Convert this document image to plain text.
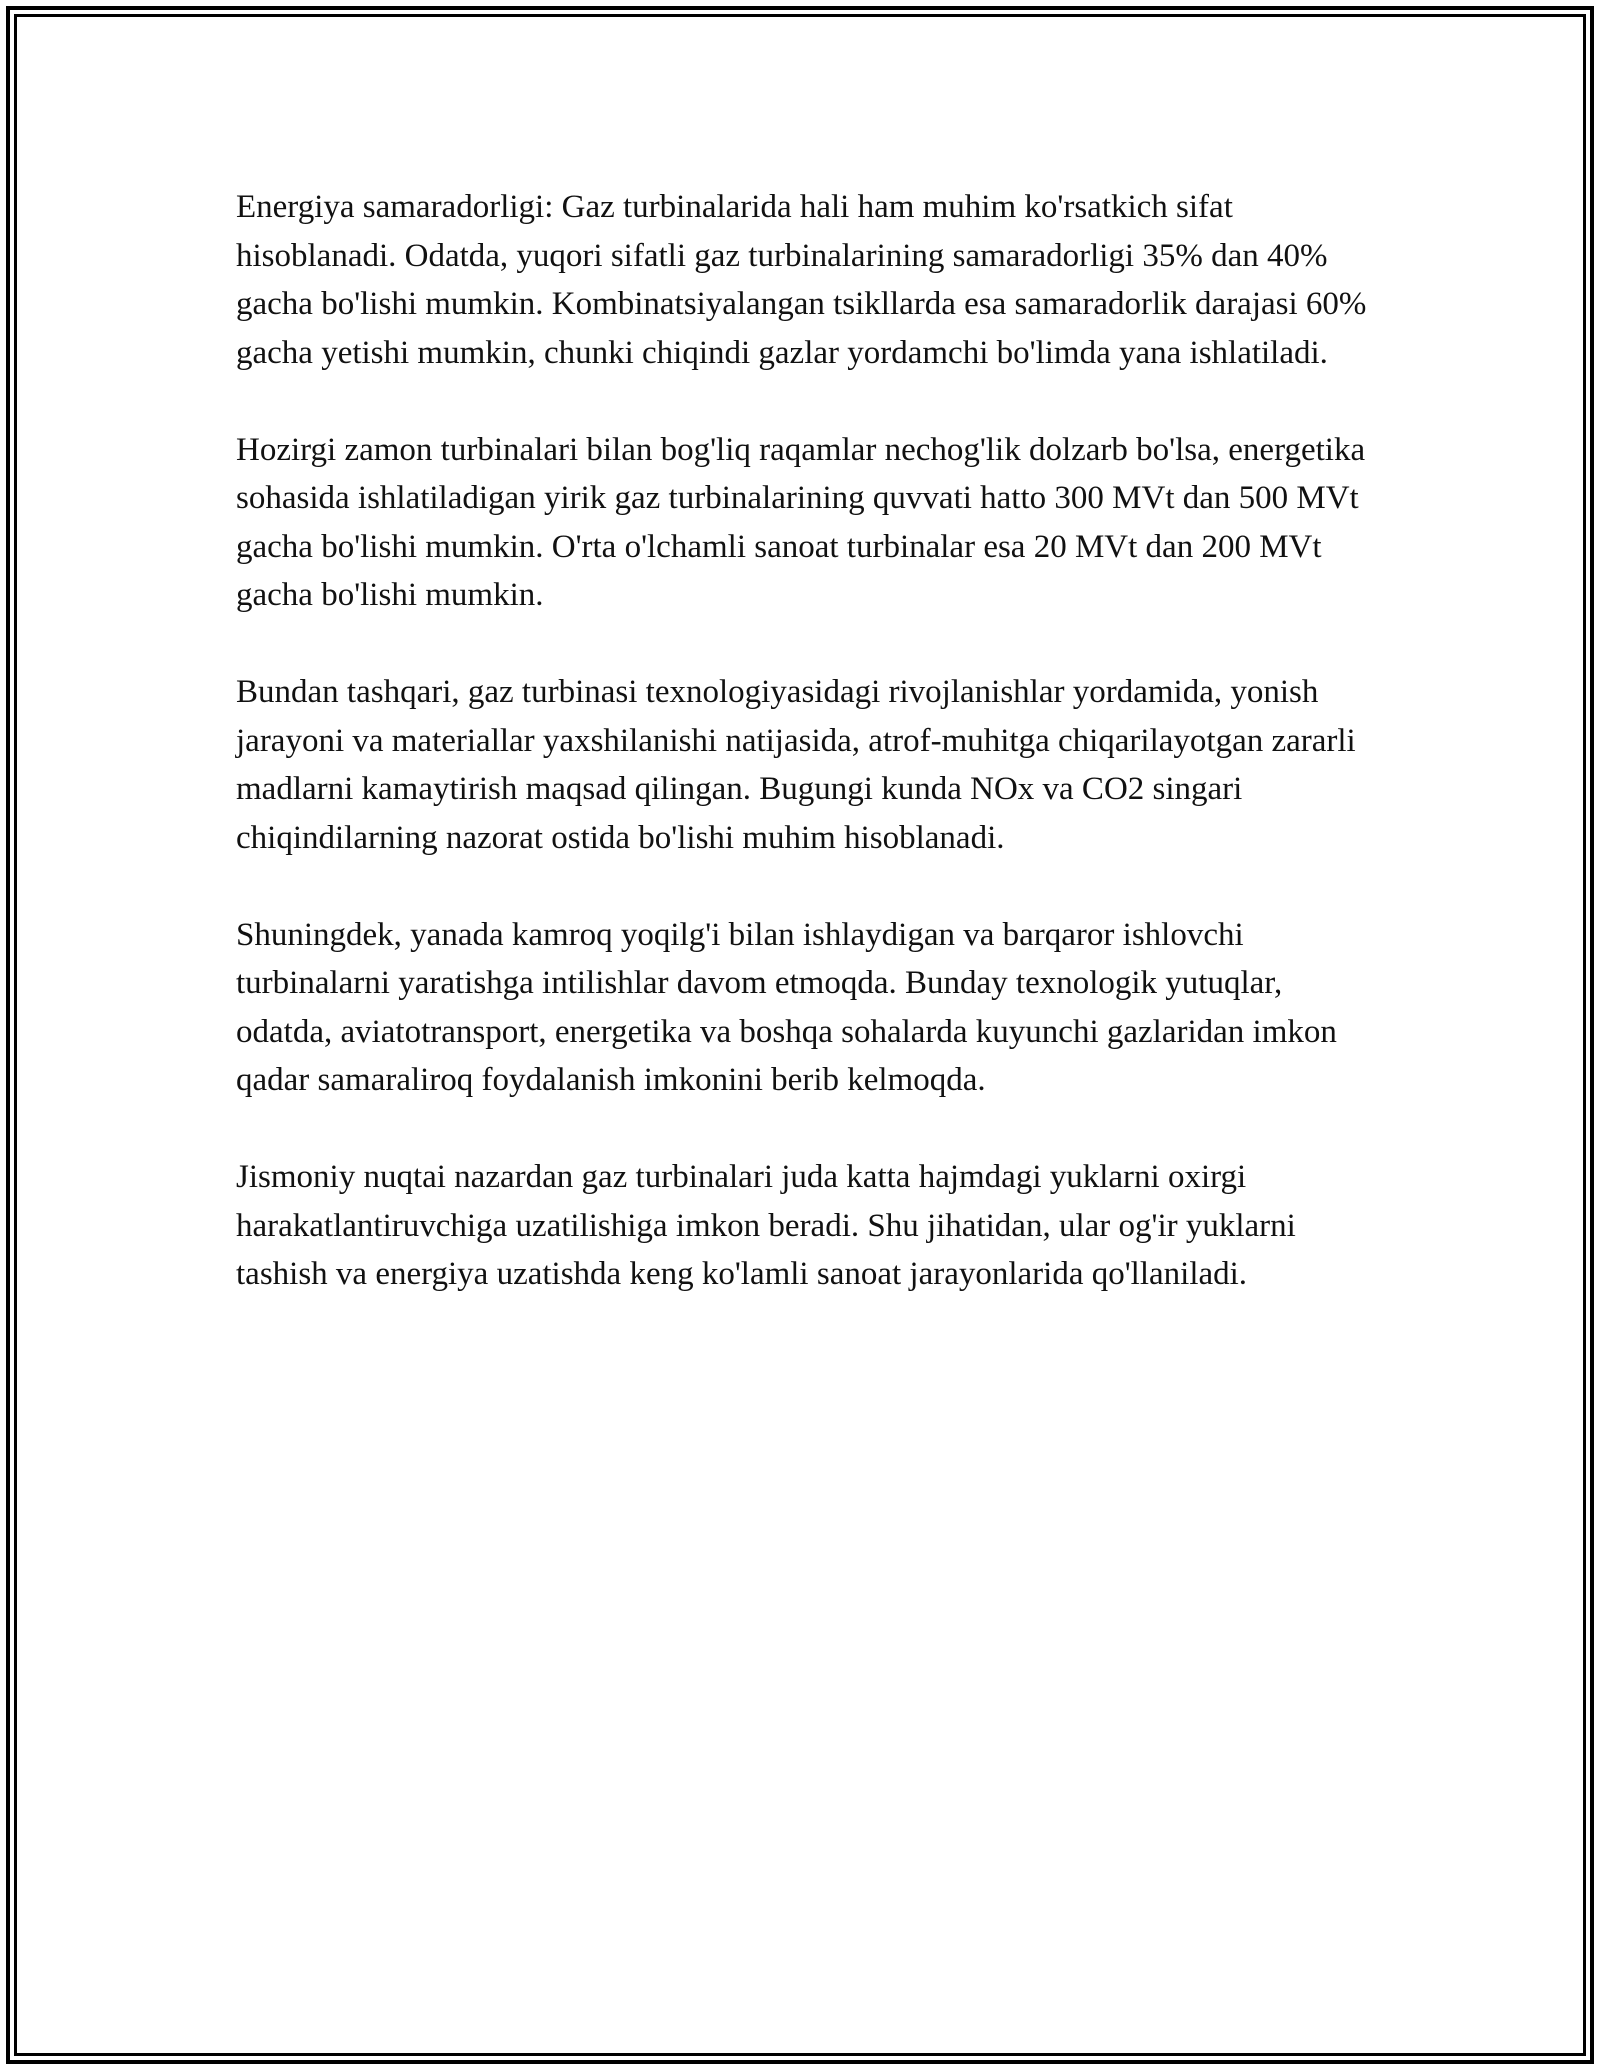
Energiya samaradorligi: Gaz turbinalarida hali ham muhim ko'rsatkich sifat hisoblanadi. Odatda, yuqori sifatli gaz turbinalarining samaradorligi 35% dan 40% gacha bo'lishi mumkin. Kombinatsiyalangan tsikllarda esa samaradorlik darajasi 60% gacha yetishi mumkin, chunki chiqindi gazlar yordamchi bo'limda yana ishlatiladi.

Hozirgi zamon turbinalari bilan bog'liq raqamlar nechog'lik dolzarb bo'lsa, energetika sohasida ishlatiladigan yirik gaz turbinalarining quvvati hatto 300 MVt dan 500 MVt gacha bo'lishi mumkin. O'rta o'lchamli sanoat turbinalar esa 20 MVt dan 200 MVt gacha bo'lishi mumkin.

Bundan tashqari, gaz turbinasi texnologiyasidagi rivojlanishlar yordamida, yonish jarayoni va materiallar yaxshilanishi natijasida, atrof-muhitga chiqarilayotgan zararli madlarni kamaytirish maqsad qilingan. Bugungi kunda NOx va CO2 singari chiqindilarning nazorat ostida bo'lishi muhim hisoblanadi.

Shuningdek, yanada kamroq yoqilg'i bilan ishlaydigan va barqaror ishlovchi turbinalarni yaratishga intilishlar davom etmoqda. Bunday texnologik yutuqlar, odatda, aviatotransport, energetika va boshqa sohalarda kuyunchi gazlaridan imkon qadar samaraliroq foydalanish imkonini berib kelmoqda.

Jismoniy nuqtai nazardan gaz turbinalari juda katta hajmdagi yuklarni oxirgi harakatlantiruvchiga uzatilishiga imkon beradi. Shu jihatidan, ular og'ir yuklarni tashish va energiya uzatishda keng ko'lamli sanoat jarayonlarida qo'llaniladi.
